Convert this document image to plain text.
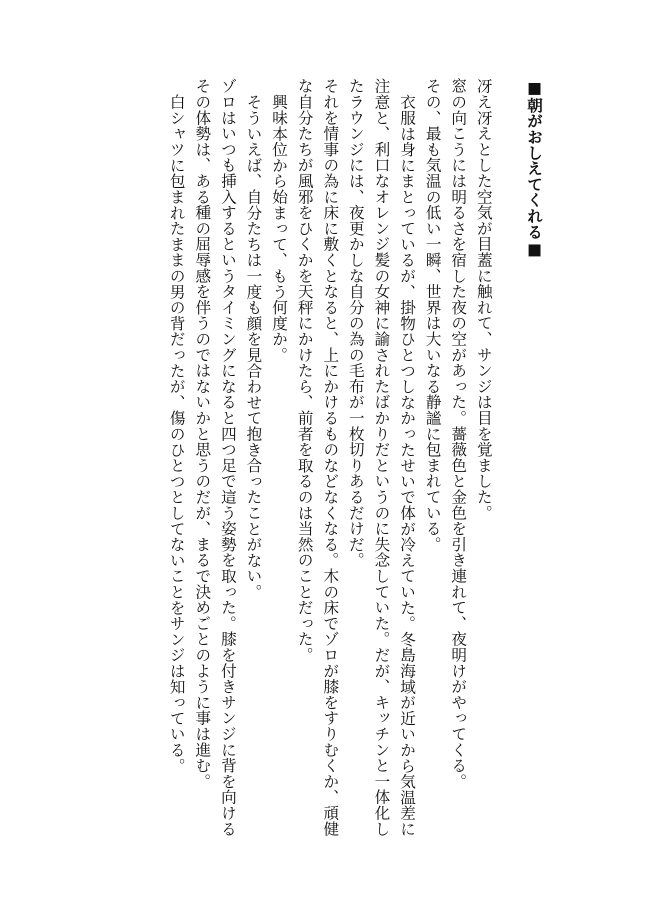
■朝がおしえてくれる■

冴え冴えとした空気が目蓋に触れて、サンジは目を覚ました。

窓の向こうには明るさを宿した夜の空があった。薔薇色と金色を引き連れて、夜明けがやってくる。

その、最も気温の低い一瞬、世界は大いなる静謐に包まれている。

衣服は身にまとっているが、掛物ひとつしなかったせいで体が冷えていた。冬島海域が近いから気温差に注意と、利口なオレンジ髪の女神に諭されたばかりだというのに失念していた。だが、キッチンと一体化したラウンジには、夜更かしな自分の為の毛布が一枚切りあるだけだ。

それを情事の為に床に敷くとなると、上にかけるものなどなくなる。木の床でゾロが膝をすりむくか、頑健な自分たちが風邪をひくかを天秤にかけたら、前者を取るのは当然のことだった。

興味本位から始まって、もう何度か。

そういえば、自分たちは一度も顔を見合わせて抱き合ったことがない。

ゾロはいつも挿入するというタイミングになると四つ足で這う姿勢を取った。膝を付きサンジに背を向けるその体勢は、ある種の屈辱感を伴うのではないかと思うのだが、まるで決めごとのように事は進む。

白シャツに包まれたままの男の背だったが、傷のひとつとしてないことをサンジは知っている。
